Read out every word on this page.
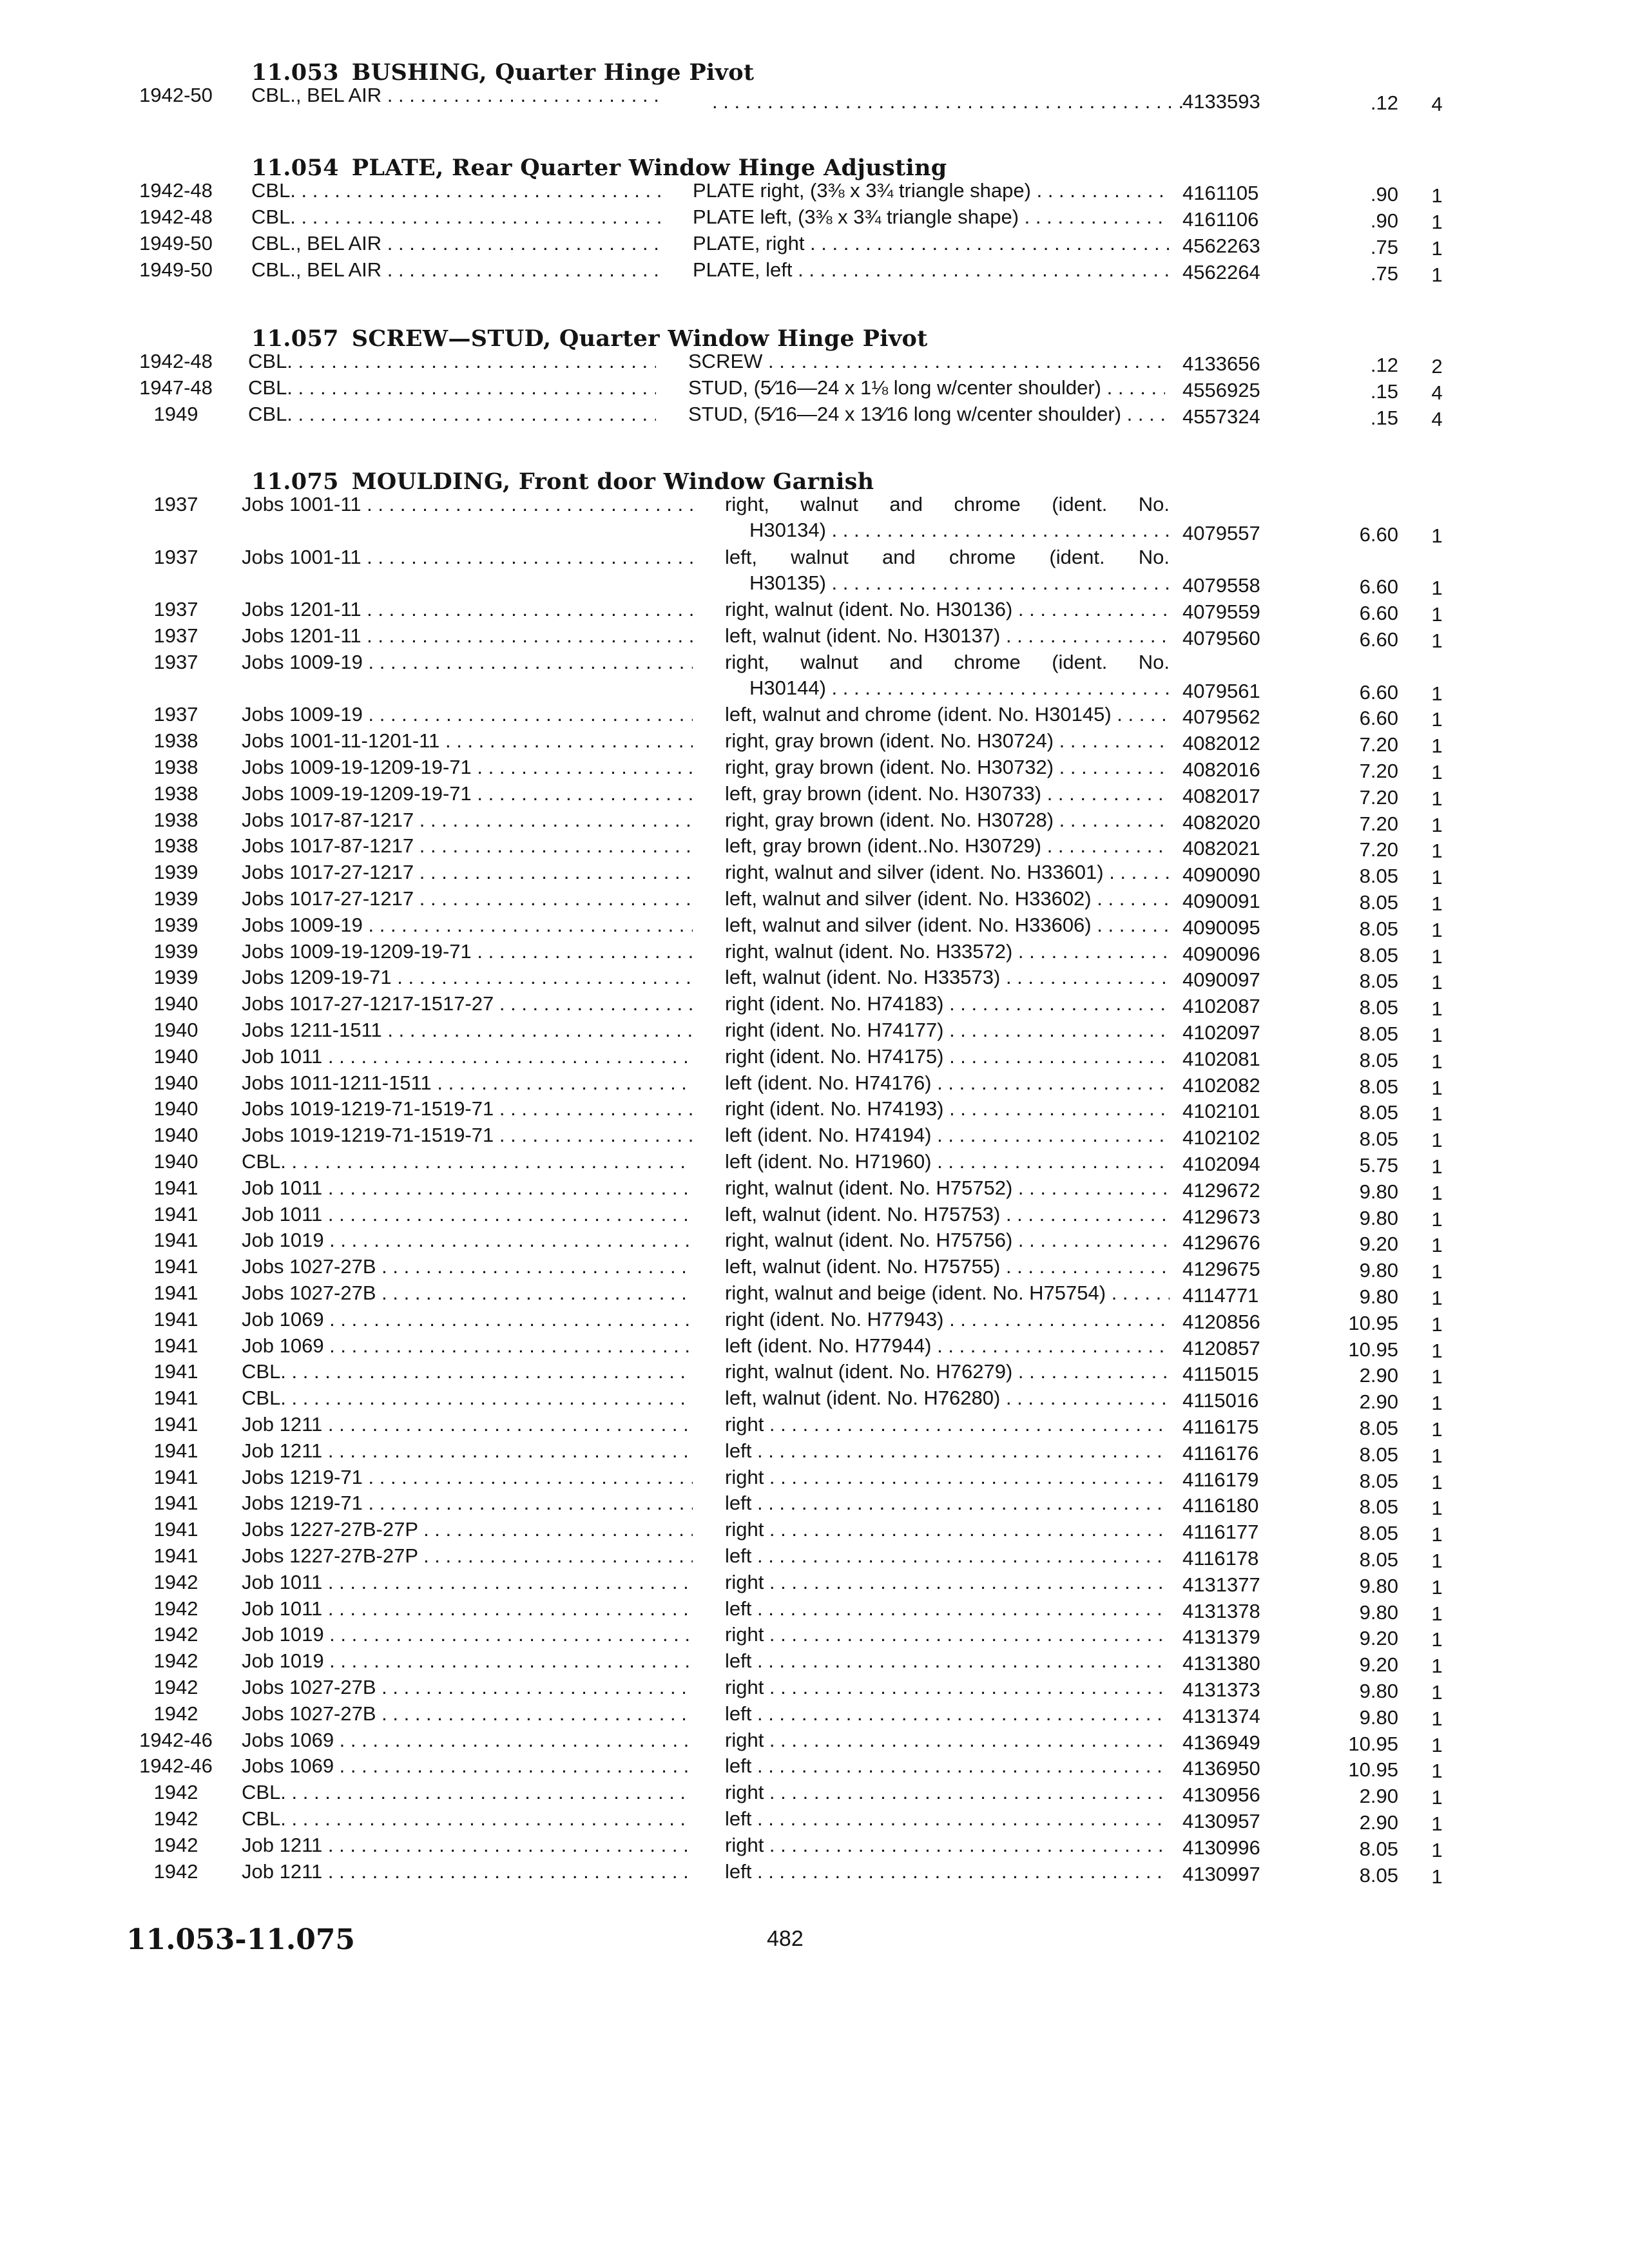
11.053 BUSHING, Quarter Hinge Pivot
1942-50	CBL., BEL AIR . . . . . .	4133593	.12	4
11.054 PLATE, Rear Quarter Window Hinge Adjusting
1942-48	CBL. . . .	PLATE right, (3⅜ x 3¾ triangle shape) . . .	4161105	.90	1
1942-48	CBL. . . .	PLATE left, (3⅜ x 3¾ triangle shape) . . .	4161106	.90	1
1949-50	CBL., BEL AIR . . .	PLATE, right . . .	4562263	.75	1
1949-50	CBL., BEL AIR . . .	PLATE, left . . .	4562264	.75	1
11.057 SCREW—STUD, Quarter Window Hinge Pivot
1942-48	CBL. . . .	SCREW . . .	4133656	.12	2
1947-48	CBL. . . .	STUD, (5⁄16—24 x 1⅛ long w/center shoulder) . . .	4556925	.15	4
1949	CBL. . . .	STUD, (5⁄16—24 x 13⁄16 long w/center shoulder) . . .	4557324	.15	4
11.075 MOULDING, Front door Window Garnish
1937	Jobs 1001-11 . . .	right, walnut and chrome (ident. No.
H30134) . . .	4079557	6.60	1
1937	Jobs 1001-11 . . .	left, walnut and chrome (ident. No.
H30135) . . .	4079558	6.60	1
1937	Jobs 1201-11 . . .	right, walnut (ident. No. H30136) . . .	4079559	6.60	1
1937	Jobs 1201-11 . . .	left, walnut (ident. No. H30137) . . .	4079560	6.60	1
1937	Jobs 1009-19 . . .	right, walnut and chrome (ident. No.
H30144) . . .	4079561	6.60	1
1937	Jobs 1009-19 . . .	left, walnut and chrome (ident. No. H30145) . . .	4079562	6.60	1
1938	Jobs 1001-11-1201-11 . . .	right, gray brown (ident. No. H30724) . . .	4082012	7.20	1
1938	Jobs 1009-19-1209-19-71 . . .	right, gray brown (ident. No. H30732) . . .	4082016	7.20	1
1938	Jobs 1009-19-1209-19-71 . . .	left, gray brown (ident. No. H30733) . . .	4082017	7.20	1
1938	Jobs 1017-87-1217 . . .	right, gray brown (ident. No. H30728) . . .	4082020	7.20	1
1938	Jobs 1017-87-1217 . . .	left, gray brown (ident..No. H30729) . . .	4082021	7.20	1
1939	Jobs 1017-27-1217 . . .	right, walnut and silver (ident. No. H33601) . . .	4090090	8.05	1
1939	Jobs 1017-27-1217 . . .	left, walnut and silver (ident. No. H33602) . . .	4090091	8.05	1
1939	Jobs 1009-19 . . .	left, walnut and silver (ident. No. H33606) . . .	4090095	8.05	1
1939	Jobs 1009-19-1209-19-71 . . .	right, walnut (ident. No. H33572) . . .	4090096	8.05	1
1939	Jobs 1209-19-71 . . .	left, walnut (ident. No. H33573) . . .	4090097	8.05	1
1940	Jobs 1017-27-1217-1517-27 . . .	right (ident. No. H74183) . . .	4102087	8.05	1
1940	Jobs 1211-1511 . . .	right (ident. No. H74177) . . .	4102097	8.05	1
1940	Job 1011 . . .	right (ident. No. H74175) . . .	4102081	8.05	1
1940	Jobs 1011-1211-1511 . . .	left (ident. No. H74176) . . .	4102082	8.05	1
1940	Jobs 1019-1219-71-1519-71 . . .	right (ident. No. H74193) . . .	4102101	8.05	1
1940	Jobs 1019-1219-71-1519-71 . . .	left (ident. No. H74194) . . .	4102102	8.05	1
1940	CBL. . . .	left (ident. No. H71960) . . .	4102094	5.75	1
1941	Job 1011 . . .	right, walnut (ident. No. H75752) . . .	4129672	9.80	1
1941	Job 1011 . . .	left, walnut (ident. No. H75753) . . .	4129673	9.80	1
1941	Job 1019 . . .	right, walnut (ident. No. H75756) . . .	4129676	9.20	1
1941	Jobs 1027-27B . . .	left, walnut (ident. No. H75755) . . .	4129675	9.80	1
1941	Jobs 1027-27B . . .	right, walnut and beige (ident. No. H75754) . . .	4114771	9.80	1
1941	Job 1069 . . .	right (ident. No. H77943) . . .	4120856	10.95	1
1941	Job 1069 . . .	left (ident. No. H77944) . . .	4120857	10.95	1
1941	CBL. . . .	right, walnut (ident. No. H76279) . . .	4115015	2.90	1
1941	CBL. . . .	left, walnut (ident. No. H76280) . . .	4115016	2.90	1
1941	Job 1211 . . .	right . . .	4116175	8.05	1
1941	Job 1211 . . .	left . . .	4116176	8.05	1
1941	Jobs 1219-71 . . .	right . . .	4116179	8.05	1
1941	Jobs 1219-71 . . .	left . . .	4116180	8.05	1
1941	Jobs 1227-27B-27P . . .	right . . .	4116177	8.05	1
1941	Jobs 1227-27B-27P . . .	left . . .	4116178	8.05	1
1942	Job 1011 . . .	right . . .	4131377	9.80	1
1942	Job 1011 . . .	left . . .	4131378	9.80	1
1942	Job 1019 . . .	right . . .	4131379	9.20	1
1942	Job 1019 . . .	left . . .	4131380	9.20	1
1942	Jobs 1027-27B . . .	right . . .	4131373	9.80	1
1942	Jobs 1027-27B . . .	left . . .	4131374	9.80	1
1942-46	Jobs 1069 . . .	right . . .	4136949	10.95	1
1942-46	Jobs 1069 . . .	left . . .	4136950	10.95	1
1942	CBL. . . .	right . . .	4130956	2.90	1
1942	CBL. . . .	left . . .	4130957	2.90	1
1942	Job 1211 . . .	right . . .	4130996	8.05	1
1942	Job 1211 . . .	left . . .	4130997	8.05	1
11.053-11.075	482
